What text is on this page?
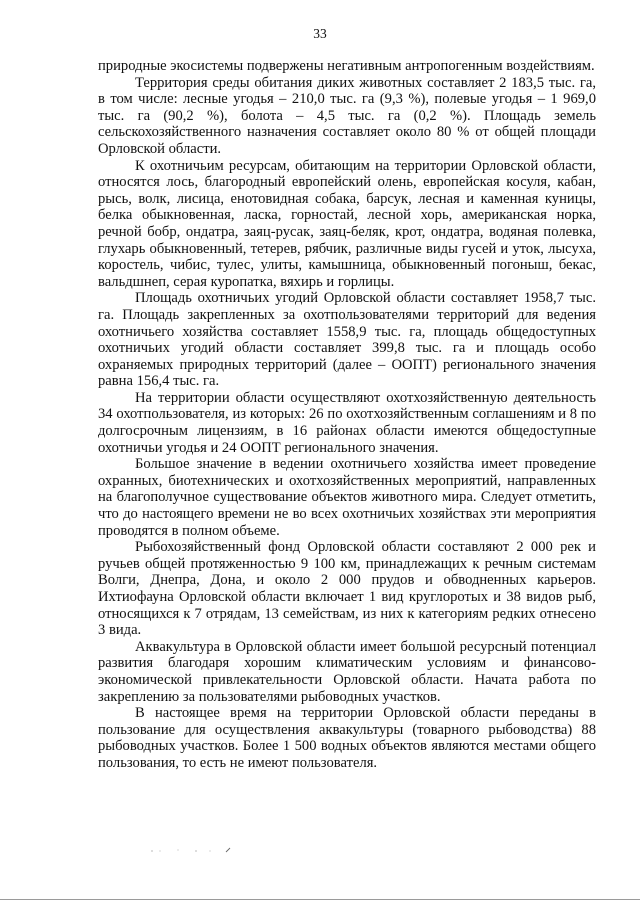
33

природные экосистемы подвержены негативным антропогенным воздействиям.

Территория среды обитания диких животных составляет 2 183,5 тыс. га, в том числе: лесные угодья – 210,0 тыс. га (9,3 %), полевые угодья – 1 969,0 тыс. га (90,2 %), болота – 4,5 тыс. га (0,2 %). Площадь земель сельскохозяйственного назначения составляет около 80 % от общей площади Орловской области.

К охотничьим ресурсам, обитающим на территории Орловской области, относятся лось, благородный европейский олень, европейская косуля, кабан, рысь, волк, лисица, енотовидная собака, барсук, лесная и каменная куницы, белка обыкновенная, ласка, горностай, лесной хорь, американская норка, речной бобр, ондатра, заяц-русак, заяц-беляк, крот, ондатра, водяная полевка, глухарь обыкновенный, тетерев, рябчик, различные виды гусей и уток, лысуха, коростель, чибис, тулес, улиты, камышница, обыкновенный погоныш, бекас, вальдшнеп, серая куропатка, вяхирь и горлицы.

Площадь охотничьих угодий Орловской области составляет 1958,7 тыс. га. Площадь закрепленных за охотпользователями территорий для ведения охотничьего хозяйства составляет 1558,9 тыс. га, площадь общедоступных охотничьих угодий области составляет 399,8 тыс. га и площадь особо охраняемых природных территорий (далее – ООПТ) регионального значения равна 156,4 тыс. га.

На территории области осуществляют охотхозяйственную деятельность 34 охотпользователя, из которых: 26 по охотхозяйственным соглашениям и 8 по долгосрочным лицензиям, в 16 районах области имеются общедоступные охотничьи угодья и 24 ООПТ регионального значения.

Большое значение в ведении охотничьего хозяйства имеет проведение охранных, биотехнических и охотхозяйственных мероприятий, направленных на благополучное существование объектов животного мира. Следует отметить, что до настоящего времени не во всех охотничьих хозяйствах эти мероприятия проводятся в полном объеме.

Рыбохозяйственный фонд Орловской области составляют 2 000 рек и ручьев общей протяженностью 9 100 км, принадлежащих к речным системам Волги, Днепра, Дона, и около 2 000 прудов и обводненных карьеров. Ихтиофауна Орловской области включает 1 вид круглоротых и 38 видов рыб, относящихся к 7 отрядам, 13 семействам, из них к категориям редких отнесено 3 вида.

Аквакультура в Орловской области имеет большой ресурсный потенциал развития благодаря хорошим климатическим условиям и финансово-экономической привлекательности Орловской области. Начата работа по закреплению за пользователями рыбоводных участков.

В настоящее время на территории Орловской области переданы в пользование для осуществления аквакультуры (товарного рыбоводства) 88 рыбоводных участков. Более 1 500 водных объектов являются местами общего пользования, то есть не имеют пользователя.
